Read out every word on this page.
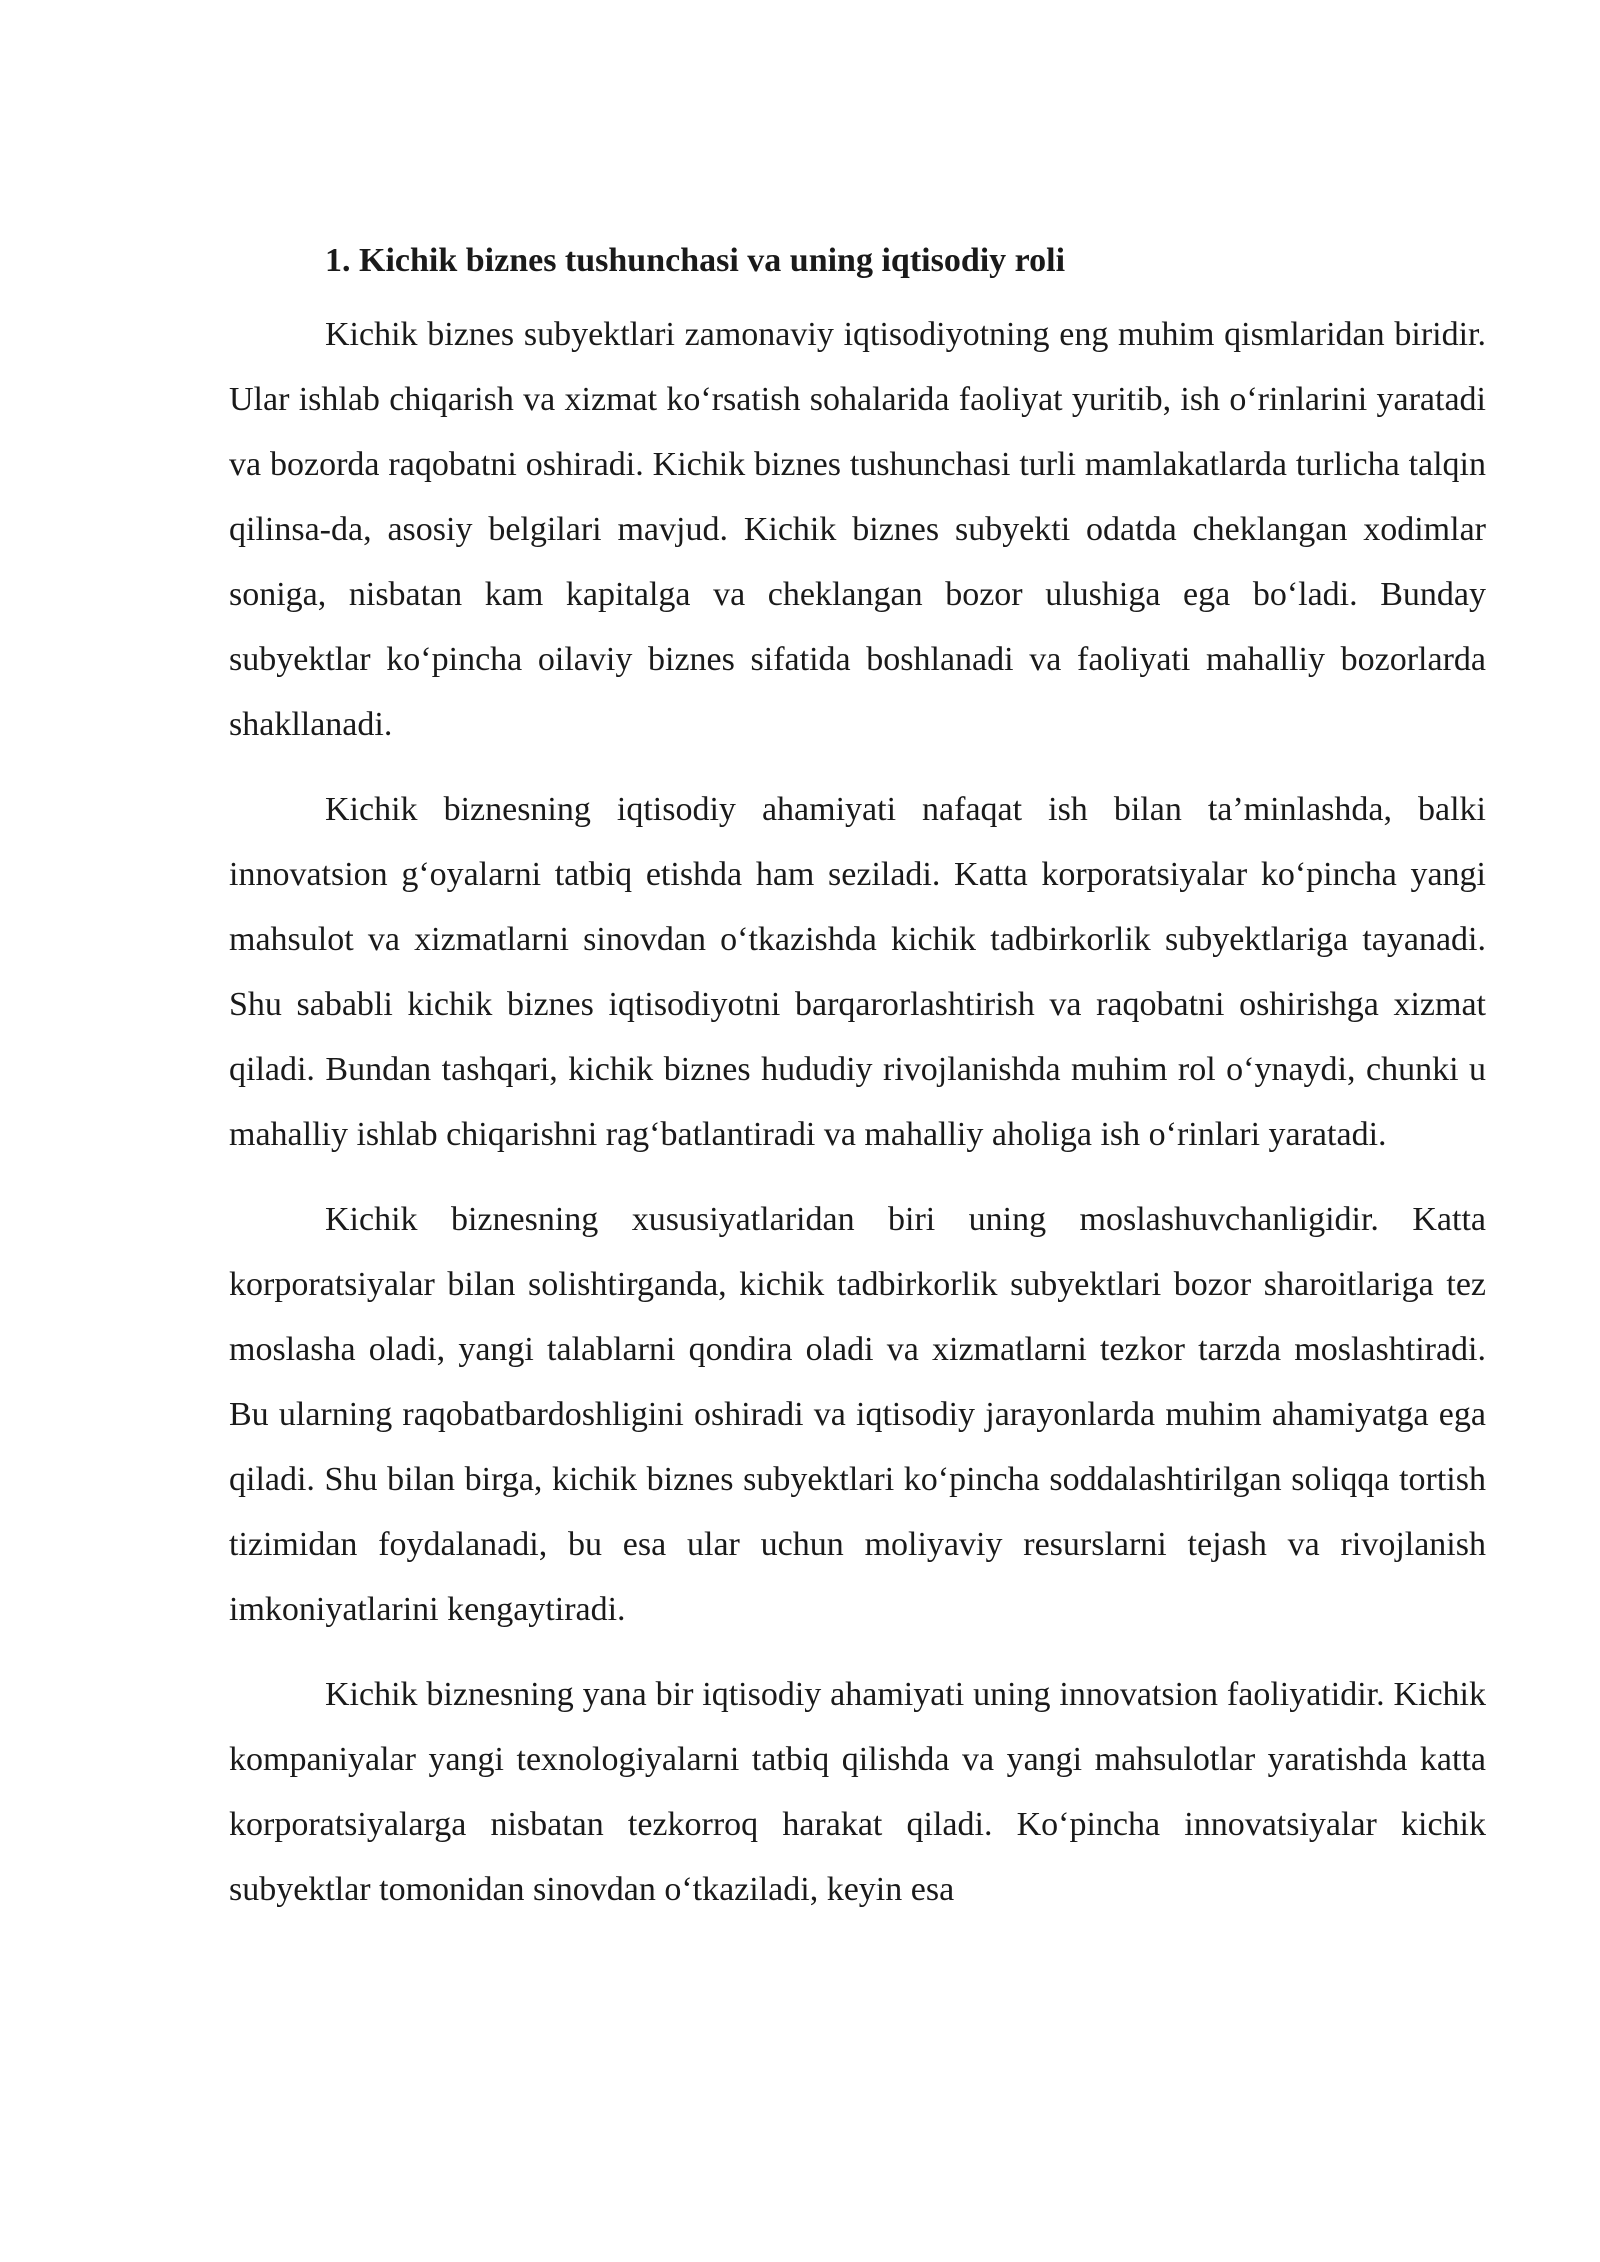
1. Kichik biznes tushunchasi va uning iqtisodiy roli

Kichik biznes subyektlari zamonaviy iqtisodiyotning eng muhim qismlaridan biridir. Ular ishlab chiqarish va xizmat ko‘rsatish sohalarida faoliyat yuritib, ish o‘rinlarini yaratadi va bozorda raqobatni oshiradi. Kichik biznes tushunchasi turli mamlakatlarda turlicha talqin qilinsa-da, asosiy belgilari mavjud. Kichik biznes subyekti odatda cheklangan xodimlar soniga, nisbatan kam kapitalga va cheklangan bozor ulushiga ega bo‘ladi. Bunday subyektlar ko‘pincha oilaviy biznes sifatida boshlanadi va faoliyati mahalliy bozorlarda shakllanadi.

Kichik biznesning iqtisodiy ahamiyati nafaqat ish bilan ta’minlashda, balki innovatsion g‘oyalarni tatbiq etishda ham seziladi. Katta korporatsiyalar ko‘pincha yangi mahsulot va xizmatlarni sinovdan o‘tkazishda kichik tadbirkorlik subyektlariga tayanadi. Shu sababli kichik biznes iqtisodiyotni barqarorlashtirish va raqobatni oshirishga xizmat qiladi. Bundan tashqari, kichik biznes hududiy rivojlanishda muhim rol o‘ynaydi, chunki u mahalliy ishlab chiqarishni rag‘batlantiradi va mahalliy aholiga ish o‘rinlari yaratadi.

Kichik biznesning xususiyatlaridan biri uning moslashuvchanligidir. Katta korporatsiyalar bilan solishtirganda, kichik tadbirkorlik subyektlari bozor sharoitlariga tez moslasha oladi, yangi talablarni qondira oladi va xizmatlarni tezkor tarzda moslashtiradi. Bu ularning raqobatbardoshligini oshiradi va iqtisodiy jarayonlarda muhim ahamiyatga ega qiladi. Shu bilan birga, kichik biznes subyektlari ko‘pincha soddalashtirilgan soliqqa tortish tizimidan foydalanadi, bu esa ular uchun moliyaviy resurslarni tejash va rivojlanish imkoniyatlarini kengaytiradi.

Kichik biznesning yana bir iqtisodiy ahamiyati uning innovatsion faoliyatidir. Kichik kompaniyalar yangi texnologiyalarni tatbiq qilishda va yangi mahsulotlar yaratishda katta korporatsiyalarga nisbatan tezkorroq harakat qiladi. Ko‘pincha innovatsiyalar kichik subyektlar tomonidan sinovdan o‘tkaziladi, keyin esa
